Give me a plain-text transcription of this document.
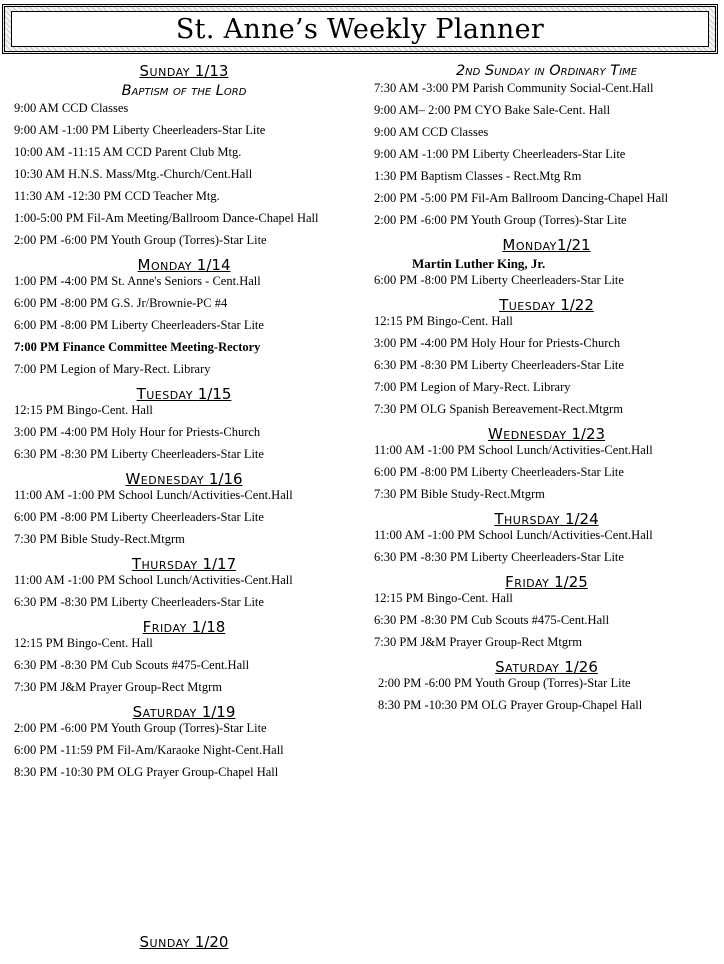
St. Anne’s Weekly Planner
Sunday 1/13
Baptism of the Lord
9:00 AM CCD Classes
9:00 AM -1:00 PM Liberty Cheerleaders-Star Lite
10:00 AM -11:15 AM CCD Parent Club Mtg.
10:30 AM H.N.S. Mass/Mtg.-Church/Cent.Hall
11:30 AM -12:30 PM CCD Teacher Mtg.
1:00-5:00 PM Fil-Am Meeting/Ballroom Dance-Chapel Hall
2:00 PM -6:00 PM Youth Group (Torres)-Star Lite
Monday 1/14
1:00 PM -4:00 PM St. Anne's Seniors - Cent.Hall
6:00 PM -8:00 PM G.S. Jr/Brownie-PC #4
6:00 PM -8:00 PM Liberty Cheerleaders-Star Lite
7:00 PM Finance Committee Meeting-Rectory
7:00 PM Legion of Mary-Rect. Library
Tuesday 1/15
12:15 PM Bingo-Cent. Hall
3:00 PM -4:00 PM Holy Hour for Priests-Church
6:30 PM -8:30 PM Liberty Cheerleaders-Star Lite
Wednesday 1/16
11:00 AM -1:00 PM School Lunch/Activities-Cent.Hall
6:00 PM -8:00 PM Liberty Cheerleaders-Star Lite
7:30 PM Bible Study-Rect.Mtgrm
Thursday 1/17
11:00 AM -1:00 PM School Lunch/Activities-Cent.Hall
6:30 PM -8:30 PM Liberty Cheerleaders-Star Lite
Friday 1/18
12:15 PM Bingo-Cent. Hall
6:30 PM -8:30 PM Cub Scouts #475-Cent.Hall
7:30 PM J&M Prayer Group-Rect Mtgrm
Saturday 1/19
2:00 PM -6:00 PM Youth Group (Torres)-Star Lite
6:00 PM -11:59 PM Fil-Am/Karaoke Night-Cent.Hall
8:30 PM -10:30 PM OLG Prayer Group-Chapel Hall
Sunday 1/20
2nd Sunday in Ordinary Time
7:30 AM -3:00 PM Parish Community Social-Cent.Hall
9:00 AM– 2:00 PM CYO Bake Sale-Cent. Hall
9:00 AM CCD Classes
9:00 AM -1:00 PM Liberty Cheerleaders-Star Lite
1:30 PM Baptism Classes - Rect.Mtg Rm
2:00 PM -5:00 PM Fil-Am Ballroom Dancing-Chapel Hall
2:00 PM -6:00 PM Youth Group (Torres)-Star Lite
Monday1/21
Martin Luther King, Jr.
6:00 PM -8:00 PM Liberty Cheerleaders-Star Lite
Tuesday 1/22
12:15 PM Bingo-Cent. Hall
3:00 PM -4:00 PM Holy Hour for Priests-Church
6:30 PM -8:30 PM Liberty Cheerleaders-Star Lite
7:00 PM Legion of Mary-Rect. Library
7:30 PM OLG Spanish Bereavement-Rect.Mtgrm
Wednesday 1/23
11:00 AM -1:00 PM School Lunch/Activities-Cent.Hall
6:00 PM -8:00 PM Liberty Cheerleaders-Star Lite
7:30 PM Bible Study-Rect.Mtgrm
Thursday 1/24
11:00 AM -1:00 PM School Lunch/Activities-Cent.Hall
6:30 PM -8:30 PM Liberty Cheerleaders-Star Lite
Friday 1/25
12:15 PM Bingo-Cent. Hall
6:30 PM -8:30 PM Cub Scouts #475-Cent.Hall
7:30 PM J&M Prayer Group-Rect Mtgrm
Saturday 1/26
2:00 PM -6:00 PM Youth Group (Torres)-Star Lite
8:30 PM -10:30 PM OLG Prayer Group-Chapel Hall
